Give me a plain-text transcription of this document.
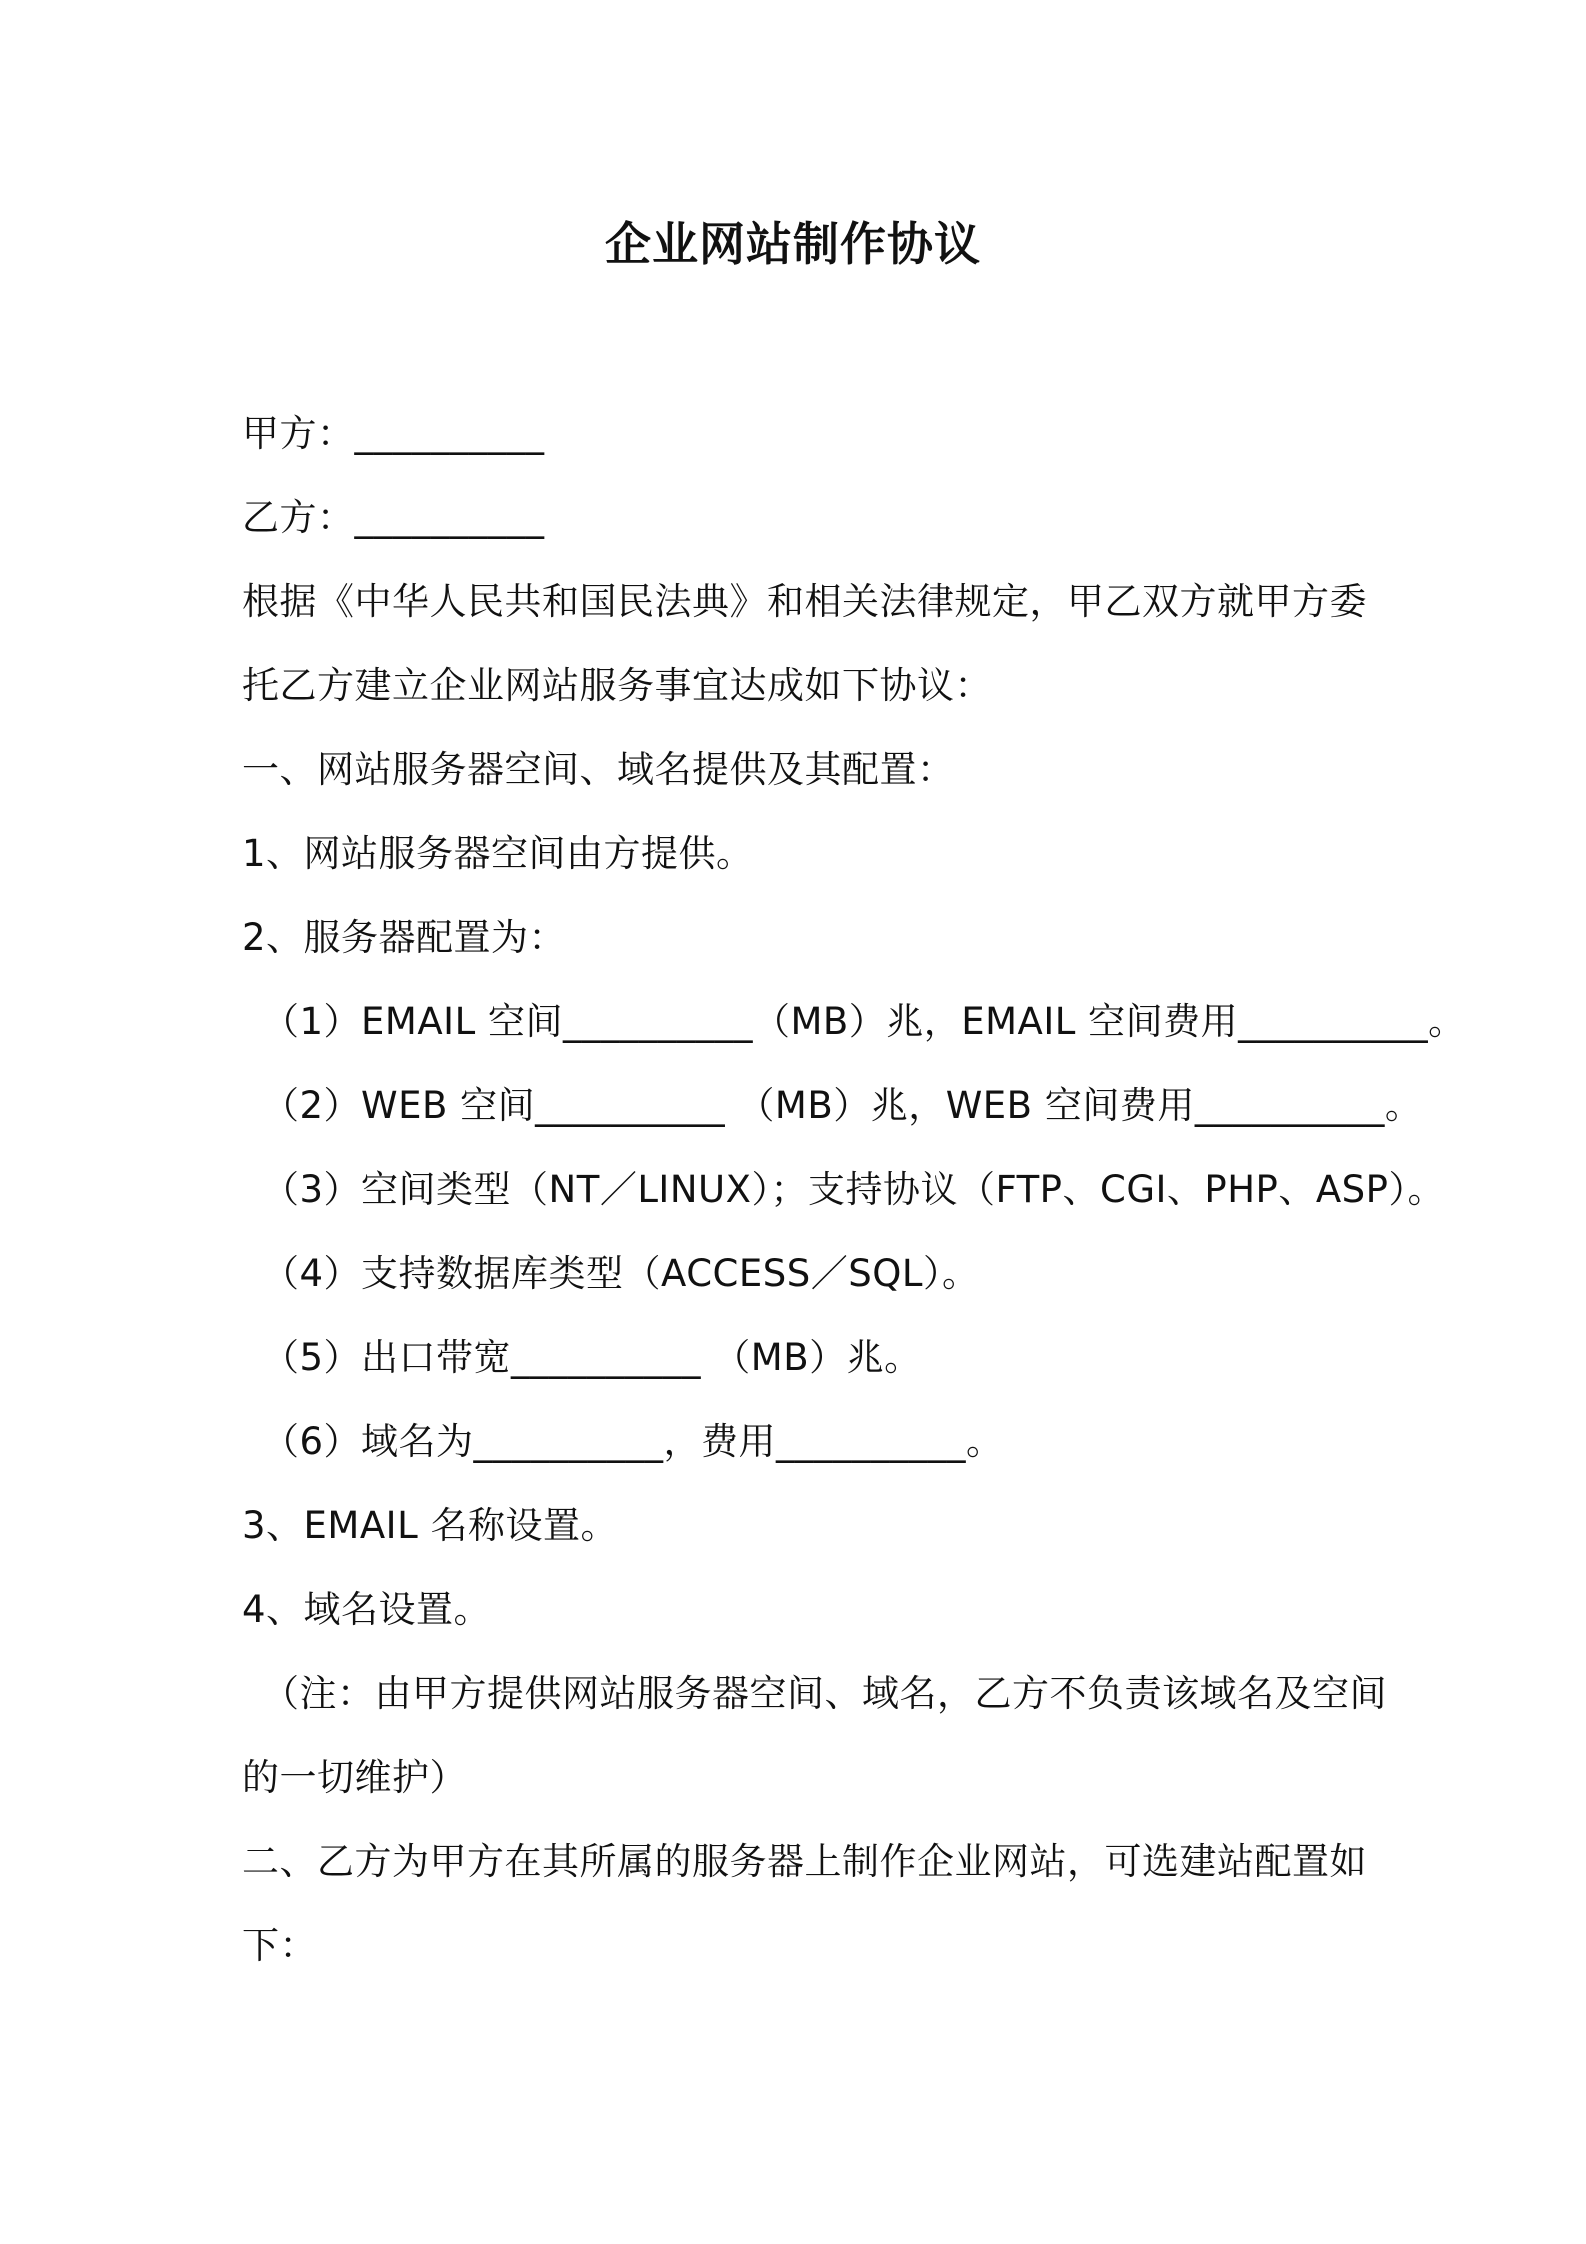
企业网站制作协议
甲方：__________
乙方：__________
根据《中华人民共和国民法典》和相关法律规定，甲乙双方就甲方委
托乙方建立企业网站服务事宜达成如下协议：
一、网站服务器空间、域名提供及其配置：
1、网站服务器空间由方提供。
2、服务器配置为：
（1）EMAIL 空间__________（MB）兆，EMAIL 空间费用__________。
（2）WEB 空间__________ （MB）兆，WEB 空间费用__________。
（3）空间类型（NT／LINUX）；支持协议（FTP、CGI、PHP、ASP）。
（4）支持数据库类型（ACCESS／SQL）。
（5）出口带宽__________ （MB）兆。
（6）域名为__________，费用__________。
3、EMAIL 名称设置。
4、域名设置。
（注：由甲方提供网站服务器空间、域名，乙方不负责该域名及空间
的一切维护）
二、乙方为甲方在其所属的服务器上制作企业网站，可选建站配置如
下：
